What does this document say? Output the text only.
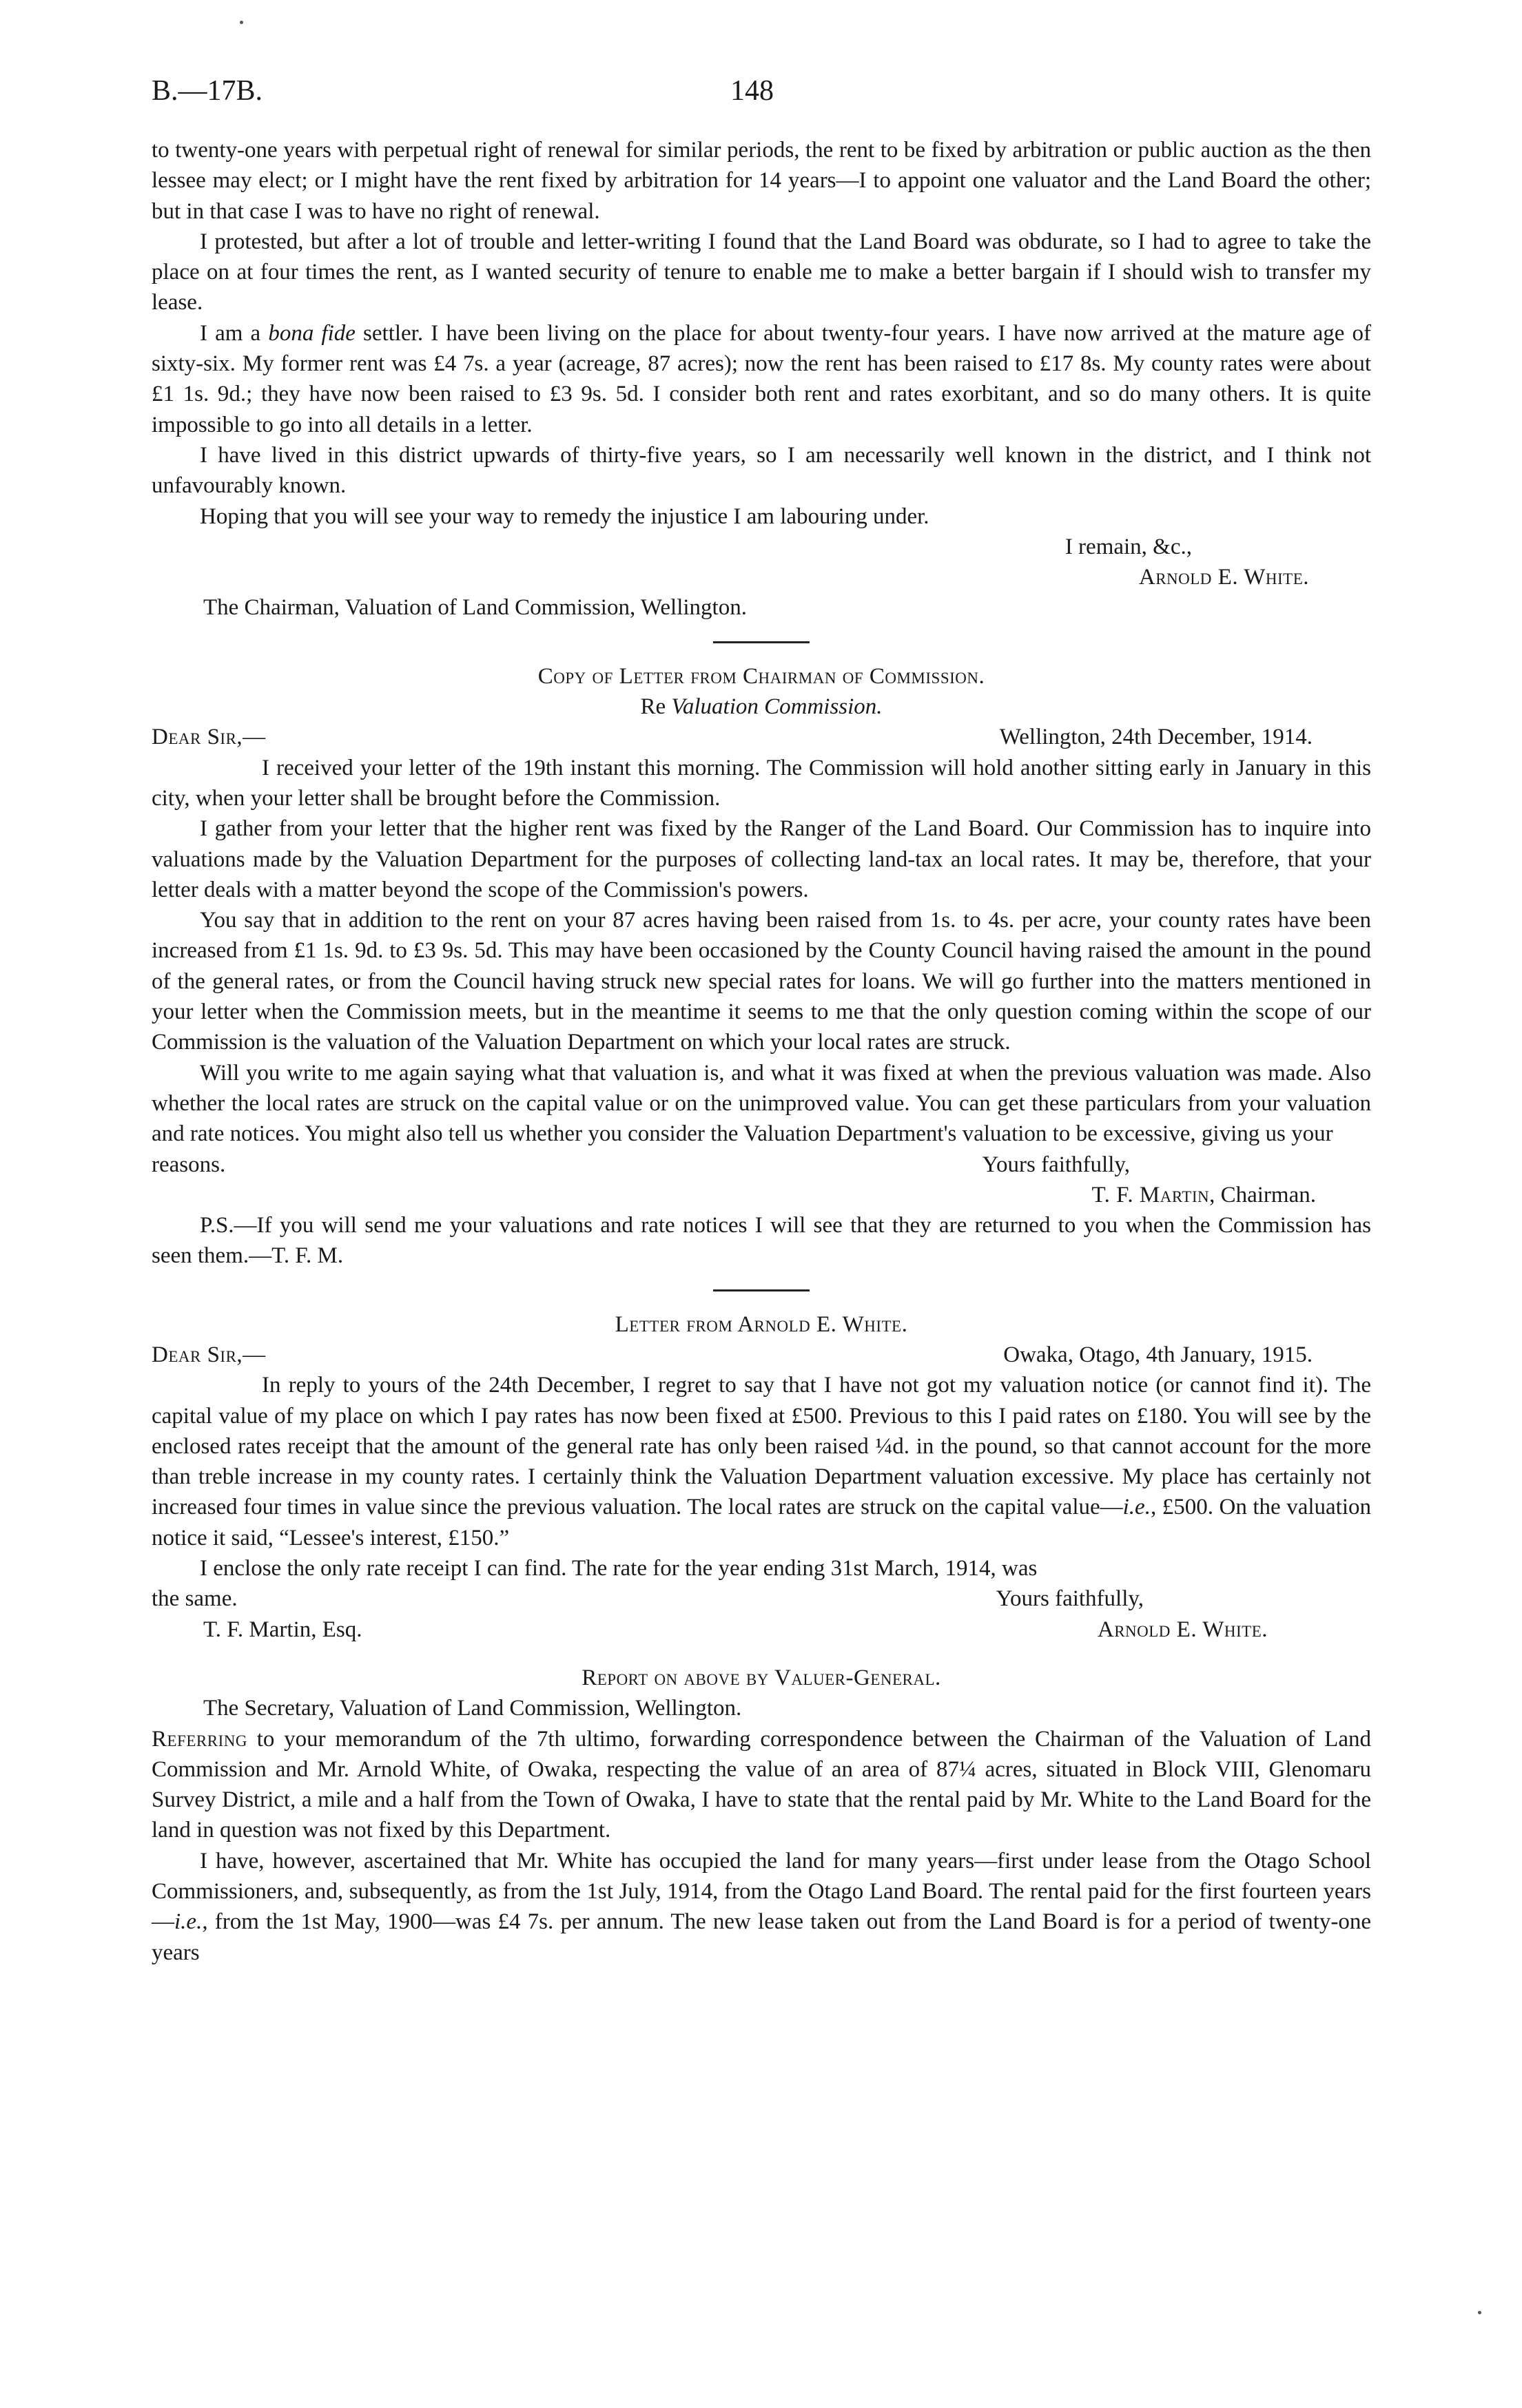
B.—17B.	148

to twenty-one years with perpetual right of renewal for similar periods, the rent to be fixed by arbitration or public auction as the then lessee may elect; or I might have the rent fixed by arbitration for 14 years—I to appoint one valuator and the Land Board the other; but in that case I was to have no right of renewal.

I protested, but after a lot of trouble and letter-writing I found that the Land Board was obdurate, so I had to agree to take the place on at four times the rent, as I wanted security of tenure to enable me to make a better bargain if I should wish to transfer my lease.

I am a bona fide settler. I have been living on the place for about twenty-four years. I have now arrived at the mature age of sixty-six. My former rent was £4 7s. a year (acreage, 87 acres); now the rent has been raised to £17 8s. My county rates were about £1 1s. 9d.; they have now been raised to £3 9s. 5d. I consider both rent and rates exorbitant, and so do many others. It is quite impossible to go into all details in a letter.

I have lived in this district upwards of thirty-five years, so I am necessarily well known in the district, and I think not unfavourably known.

Hoping that you will see your way to remedy the injustice I am labouring under.

I remain, &c.,
Arnold E. White.
The Chairman, Valuation of Land Commission, Wellington.
Copy of Letter from Chairman of Commission.
Re Valuation Commission.
Dear Sir,—	Wellington, 24th December, 1914.

I received your letter of the 19th instant this morning. The Commission will hold another sitting early in January in this city, when your letter shall be brought before the Commission.

I gather from your letter that the higher rent was fixed by the Ranger of the Land Board. Our Commission has to inquire into valuations made by the Valuation Department for the purposes of collecting land-tax an local rates. It may be, therefore, that your letter deals with a matter beyond the scope of the Commission's powers.

You say that in addition to the rent on your 87 acres having been raised from 1s. to 4s. per acre, your county rates have been increased from £1 1s. 9d. to £3 9s. 5d. This may have been occasioned by the County Council having raised the amount in the pound of the general rates, or from the Council having struck new special rates for loans. We will go further into the matters mentioned in your letter when the Commission meets, but in the meantime it seems to me that the only question coming within the scope of our Commission is the valuation of the Valuation Department on which your local rates are struck.

Will you write to me again saying what that valuation is, and what it was fixed at when the previous valuation was made. Also whether the local rates are struck on the capital value or on the unimproved value. You can get these particulars from your valuation and rate notices. You might also tell us whether you consider the Valuation Department's valuation to be excessive, giving us your

reasons.	Yours faithfully,
T. F. Martin, Chairman.

P.S.—If you will send me your valuations and rate notices I will see that they are returned to you when the Commission has seen them.—T. F. M.

Letter from Arnold E. White.
Dear Sir,—	Owaka, Otago, 4th January, 1915.

In reply to yours of the 24th December, I regret to say that I have not got my valuation notice (or cannot find it). The capital value of my place on which I pay rates has now been fixed at £500. Previous to this I paid rates on £180. You will see by the enclosed rates receipt that the amount of the general rate has only been raised ¼d. in the pound, so that cannot account for the more than treble increase in my county rates. I certainly think the Valuation Department valuation excessive. My place has certainly not increased four times in value since the previous valuation. The local rates are struck on the capital value—i.e., £500. On the valuation notice it said, “Lessee's interest, £150.”

I enclose the only rate receipt I can find. The rate for the year ending 31st March, 1914, was

the same.	Yours faithfully,
T. F. Martin, Esq.	Arnold E. White.
Report on above by Valuer-General.
The Secretary, Valuation of Land Commission, Wellington.

Referring to your memorandum of the 7th ultimo, forwarding correspondence between the Chairman of the Valuation of Land Commission and Mr. Arnold White, of Owaka, respecting the value of an area of 87¼ acres, situated in Block VIII, Glenomaru Survey District, a mile and a half from the Town of Owaka, I have to state that the rental paid by Mr. White to the Land Board for the land in question was not fixed by this Department.

I have, however, ascertained that Mr. White has occupied the land for many years—first under lease from the Otago School Commissioners, and, subsequently, as from the 1st July, 1914, from the Otago Land Board. The rental paid for the first fourteen years—i.e., from the 1st May, 1900—was £4 7s. per annum. The new lease taken out from the Land Board is for a period of twenty-one years
